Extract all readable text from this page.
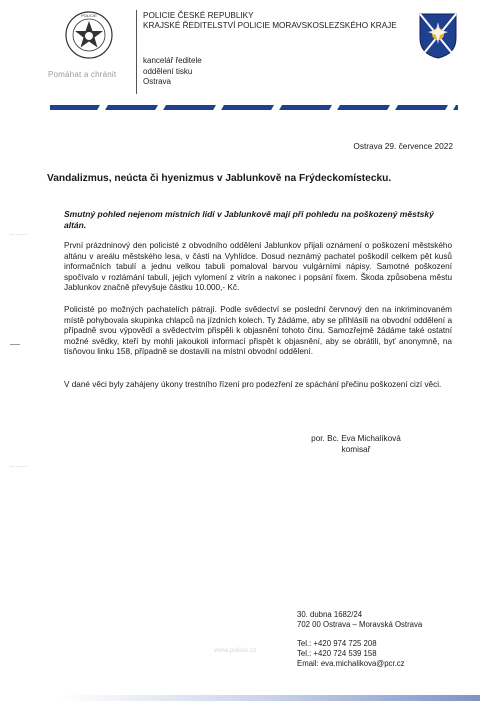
POLICIE
Pomáhat a chránit
POLICIE ČESKÉ REPUBLIKY
KRAJSKÉ ŘEDITELSTVÍ POLICIE MORAVSKOSLEZSKÉHO KRAJE
kancelář ředitele
oddělení tisku
Ostrava
Ostrava 29. července 2022
Vandalizmus, neúcta či hyenizmus v Jablunkově na Frýdeckomístecku.
Smutný pohled nejenom místních lidí v Jablunkově mají při pohledu na poškozený městský altán.

První prázdninový den policisté z obvodního oddělení Jablunkov přijali oznámení o poškození městského altánu v areálu městského lesa, v části na Vyhlídce. Dosud neznámý pachatel poškodil celkem pět kusů informačních tabulí a jednu velkou tabuli pomaloval barvou vulgárními nápisy. Samotné poškození spočívalo v rozlámání tabulí, jejich vylomení z vitrín a nakonec i popsání fixem. Škoda způsobena městu Jablunkov značně převyšuje částku 10.000,- Kč.

Policisté po možných pachatelích pátrají. Podle svědectví se poslední červnový den na inkriminovaném místě pohybovala skupinka chlapců na jízdních kolech. Ty žádáme, aby se přihlásili na obvodní oddělení a případně svou výpovědí a svědectvím přispěli k objasnění tohoto činu. Samozřejmě žádáme také ostatní možné svědky, kteří by mohli jakoukoli informací přispět k objasnění, aby se obrátili, byť anonymně, na tísňovou linku 158, případně se dostavili na místní obvodní oddělení.

V dané věci byly zahájeny úkony trestního řízení pro podezření ze spáchání přečinu poškození cizí věci.

por. Bc. Eva Michalíková
komisař
......
......
30. dubna 1682/24
702 00 Ostrava – Moravská Ostrava
www.policie.cz
Tel.: +420 974 725 208
Tel.: +420 724 539 158
Email: eva.michalikova@pcr.cz
